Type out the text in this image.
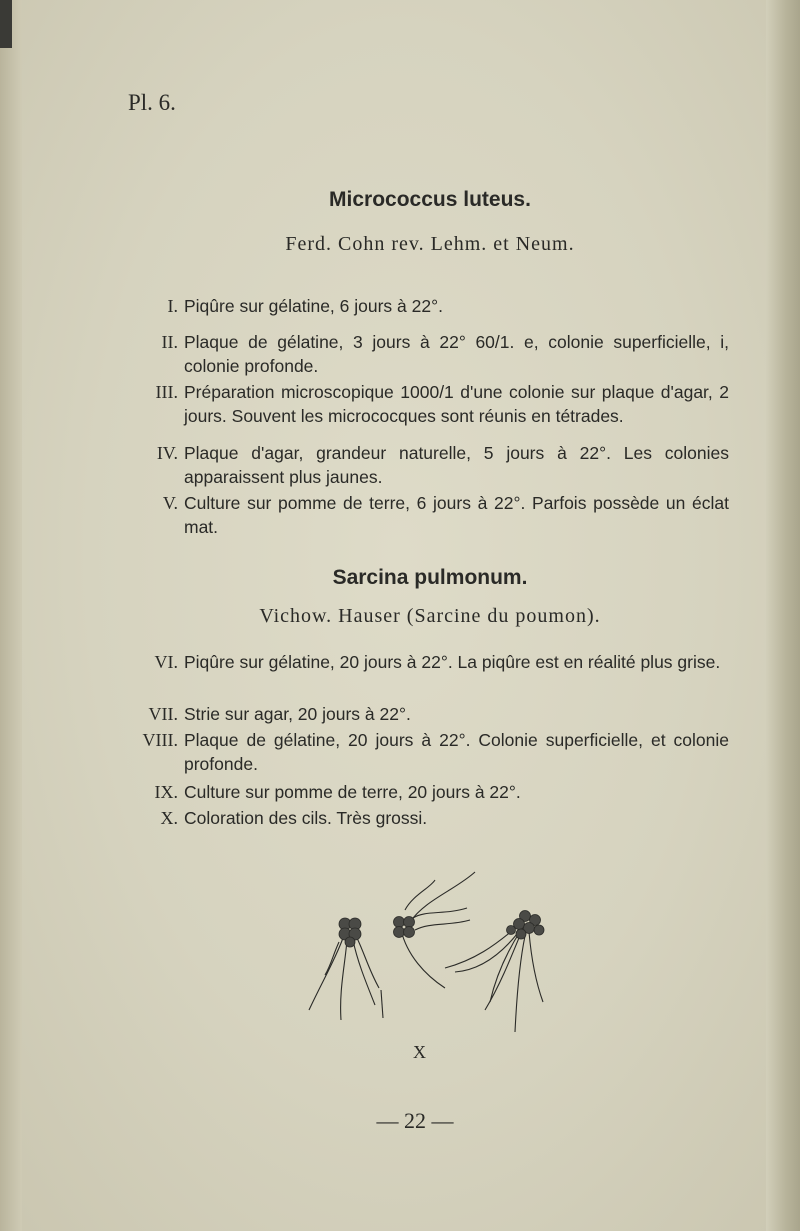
Pl. 6.
Micrococcus luteus.
Ferd. Cohn rev. Lehm. et Neum.
I. Piqûre sur gélatine, 6 jours à 22°.
II. Plaque de gélatine, 3 jours à 22° 60/1. e, colonie superficielle, i, colonie profonde.
III. Préparation microscopique 1000/1 d'une colonie sur plaque d'agar, 2 jours. Souvent les micrococques sont réunis en tétrades.
IV. Plaque d'agar, grandeur naturelle, 5 jours à 22°. Les colonies apparaissent plus jaunes.
V. Culture sur pomme de terre, 6 jours à 22°. Parfois possède un éclat mat.
Sarcina pulmonum.
Vichow. Hauser (Sarcine du poumon).
VI. Piqûre sur gélatine, 20 jours à 22°. La piqûre est en réalité plus grise.
VII. Strie sur agar, 20 jours à 22°.
VIII. Plaque de gélatine, 20 jours à 22°. Colonie superficielle, et colonie profonde.
IX. Culture sur pomme de terre, 20 jours à 22°.
X. Coloration des cils. Très grossi.
X
— 22 —
